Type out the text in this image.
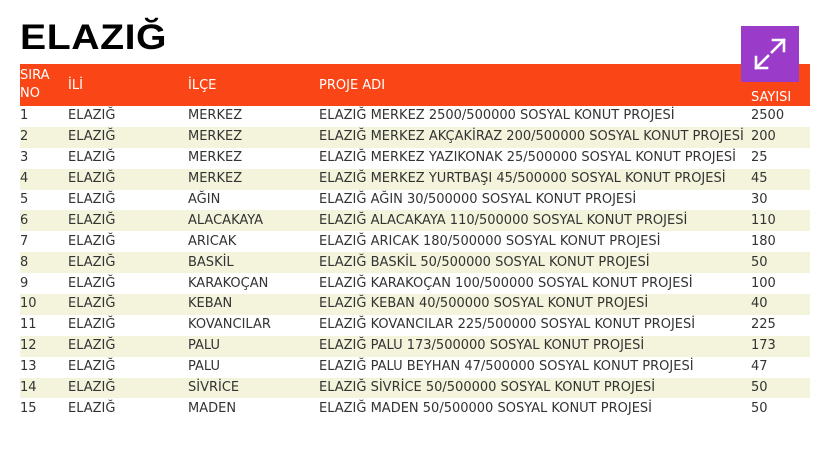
ELAZIĞ
SIRA
NO	İLİ	İLÇE	PROJE ADI	SAYISI
1	ELAZIĞ	MERKEZ	ELAZIĞ MERKEZ 2500/500000 SOSYAL KONUT PROJESİ	2500
2	ELAZIĞ	MERKEZ	ELAZIĞ MERKEZ AKÇAKİRAZ 200/500000 SOSYAL KONUT PROJESİ	200
3	ELAZIĞ	MERKEZ	ELAZIĞ MERKEZ YAZIKONAK 25/500000 SOSYAL KONUT PROJESİ	25
4	ELAZIĞ	MERKEZ	ELAZIĞ MERKEZ YURTBAŞI 45/500000 SOSYAL KONUT PROJESİ	45
5	ELAZIĞ	AĞIN	ELAZIĞ AĞIN 30/500000 SOSYAL KONUT PROJESİ	30
6	ELAZIĞ	ALACAKAYA	ELAZIĞ ALACAKAYA 110/500000 SOSYAL KONUT PROJESİ	110
7	ELAZIĞ	ARICAK	ELAZIĞ ARICAK 180/500000 SOSYAL KONUT PROJESİ	180
8	ELAZIĞ	BASKİL	ELAZIĞ BASKİL 50/500000 SOSYAL KONUT PROJESİ	50
9	ELAZIĞ	KARAKOÇAN	ELAZIĞ KARAKOÇAN 100/500000 SOSYAL KONUT PROJESİ	100
10	ELAZIĞ	KEBAN	ELAZIĞ KEBAN 40/500000 SOSYAL KONUT PROJESİ	40
11	ELAZIĞ	KOVANCILAR	ELAZIĞ KOVANCILAR 225/500000 SOSYAL KONUT PROJESİ	225
12	ELAZIĞ	PALU	ELAZIĞ PALU 173/500000 SOSYAL KONUT PROJESİ	173
13	ELAZIĞ	PALU	ELAZIĞ PALU BEYHAN 47/500000 SOSYAL KONUT PROJESİ	47
14	ELAZIĞ	SİVRİCE	ELAZIĞ SİVRİCE 50/500000 SOSYAL KONUT PROJESİ	50
15	ELAZIĞ	MADEN	ELAZIĞ MADEN 50/500000 SOSYAL KONUT PROJESİ	50
